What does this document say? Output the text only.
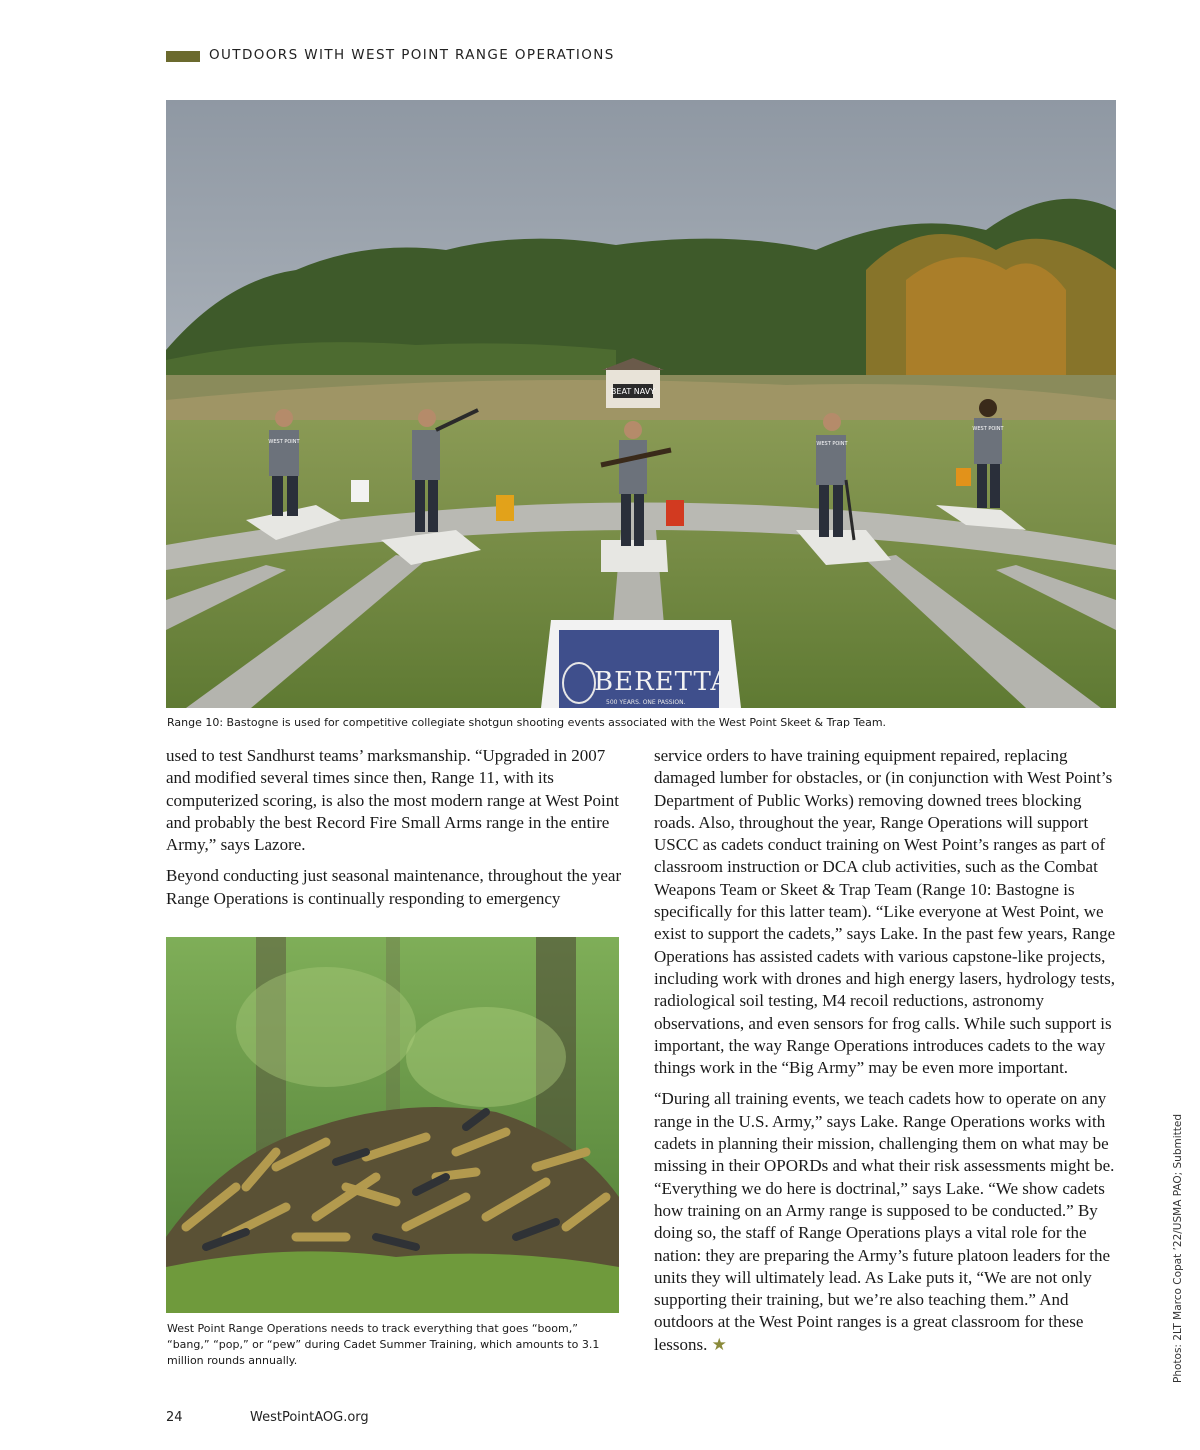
OUTDOORS WITH WEST POINT RANGE OPERATIONS
BEAT NAVY
WEST POINT	WEST POINT
WEST POINT
BERETTA
500 YEARS. ONE PASSION.
Range 10: Bastogne is used for competitive collegiate shotgun shooting events associated with the West Point Skeet & Trap Team.

used to test Sandhurst teams’ marksmanship. “Upgraded in 2007 and modified several times since then, Range 11, with its computerized scoring, is also the most modern range at West Point and probably the best Record Fire Small Arms range in the entire Army,” says Lazore.

Beyond conducting just seasonal maintenance, throughout the year Range Operations is continually responding to emergency

West Point Range Operations needs to track everything that goes “boom,” “bang,” “pop,” or “pew” during Cadet Summer Training, which amounts to 3.1 million rounds annually.

service orders to have training equipment repaired, replacing damaged lumber for obstacles, or (in conjunction with West Point’s Department of Public Works) removing downed trees blocking roads. Also, throughout the year, Range Operations will support USCC as cadets conduct training on West Point’s ranges as part of classroom instruction or DCA club activities, such as the Combat Weapons Team or Skeet & Trap Team (Range 10: Bastogne is specifically for this latter team). “Like everyone at West Point, we exist to support the cadets,” says Lake. In the past few years, Range Operations has assisted cadets with various capstone-like projects, including work with drones and high energy lasers, hydrology tests, radiological soil testing, M4 recoil reductions, astronomy observations, and even sensors for frog calls. While such support is important, the way Range Operations introduces cadets to the way things work in the “Big Army” may be even more important.

“During all training events, we teach cadets how to operate on any range in the U.S. Army,” says Lake. Range Operations works with cadets in planning their mission, challenging them on what may be missing in their OPORDs and what their risk assessments might be. “Everything we do here is doctrinal,” says Lake. “We show cadets how training on an Army range is supposed to be conducted.” By doing so, the staff of Range Operations plays a vital role for the nation: they are preparing the Army’s future platoon leaders for the units they will ultimately lead. As Lake puts it, “We are not only supporting their training, but we’re also teaching them.” And outdoors at the West Point ranges is a great classroom for these lessons. ★	Photos: 2LT Marco Copat ’22/USMA PAO; Submitted
24	WestPointAOG.org
